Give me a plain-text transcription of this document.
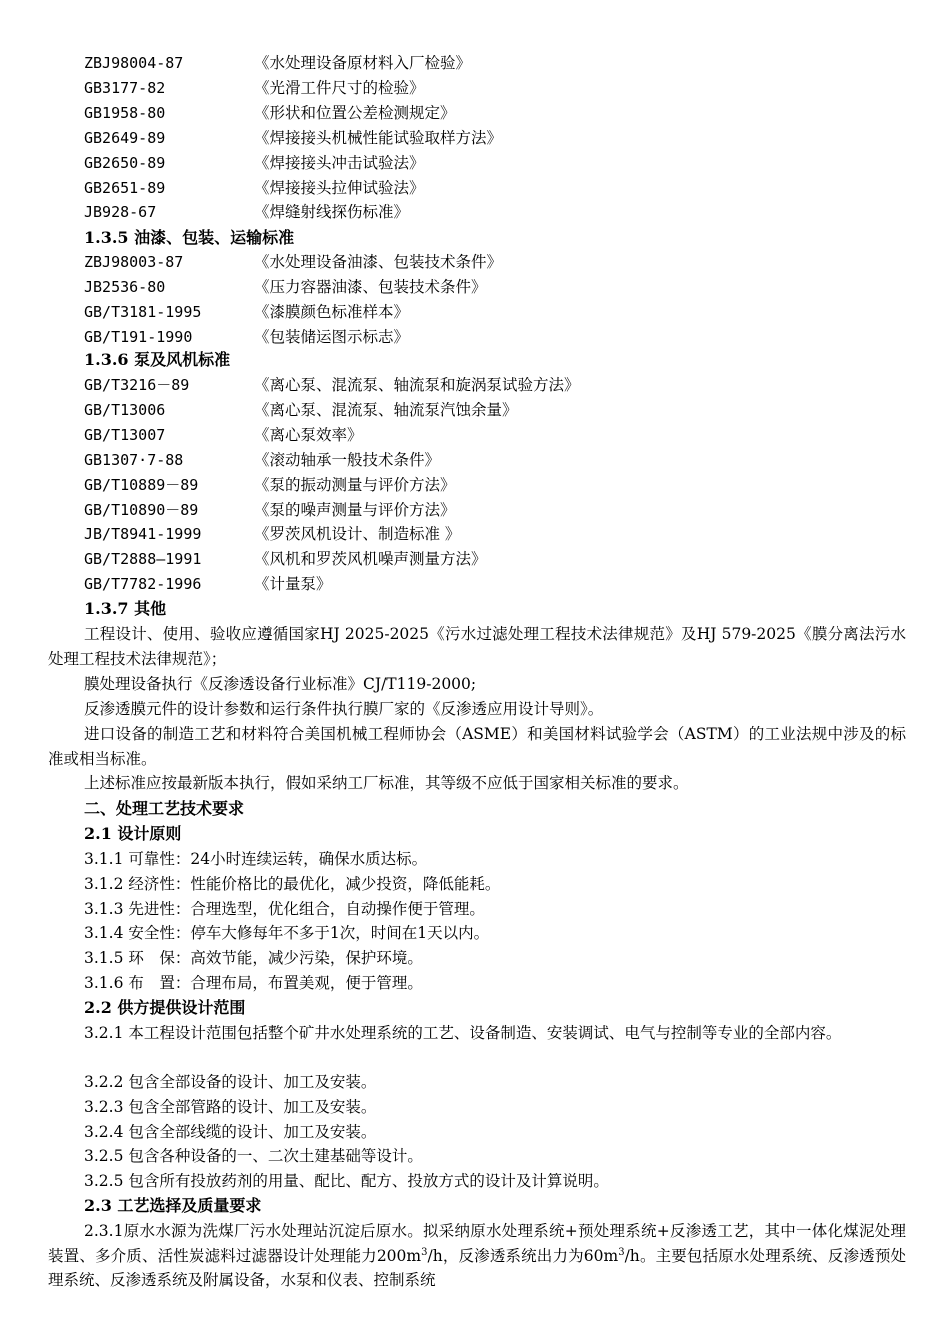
ZBJ98004-87	《水处理设备原材料入厂检验》
GB3177-82	《光滑工件尺寸的检验》
GB1958-80	《形状和位置公差检测规定》
GB2649-89	《焊接接头机械性能试验取样方法》
GB2650-89	《焊接接头冲击试验法》
GB2651-89	《焊接接头拉伸试验法》
JB928-67	《焊缝射线探伤标准》
1.3.5 油漆、包装、运输标准
ZBJ98003-87	《水处理设备油漆、包装技术条件》
JB2536-80	《压力容器油漆、包装技术条件》
GB/T3181-1995	《漆膜颜色标准样本》
GB/T191-1990	《包装储运图示标志》
1.3.6 泵及风机标准
GB/T3216－89	《离心泵、混流泵、轴流泵和旋涡泵试验方法》
GB/T13006	《离心泵、混流泵、轴流泵汽蚀余量》
GB/T13007	《离心泵效率》
GB1307·7-88	《滚动轴承一般技术条件》
GB/T10889－89	《泵的振动测量与评价方法》
GB/T10890－89	《泵的噪声测量与评价方法》
JB/T8941-1999	《罗茨风机设计、制造标准 》
GB/T2888—1991	《风机和罗茨风机噪声测量方法》
GB/T7782-1996	《计量泵》
1.3.7 其他
工程设计、使用、验收应遵循国家HJ 2025-2025《污水过滤处理工程技术法律规范》及HJ 579-2025《膜分离法污水处理工程技术法律规范》；
膜处理设备执行《反渗透设备行业标准》CJ/T119-2000;
反渗透膜元件的设计参数和运行条件执行膜厂家的《反渗透应用设计导则》。
进口设备的制造工艺和材料符合美国机械工程师协会（ASME）和美国材料试验学会（ASTM）的工业法规中涉及的标准或相当标准。
上述标准应按最新版本执行，假如采纳工厂标准，其等级不应低于国家相关标准的要求。
二、处理工艺技术要求
2.1 设计原则
3.1.1 可靠性：24小时连续运转，确保水质达标。
3.1.2 经济性：性能价格比的最优化，减少投资，降低能耗。
3.1.3 先进性：合理选型，优化组合，自动操作便于管理。
3.1.4 安全性：停车大修每年不多于1次，时间在1天以内。
3.1.5 环　保：高效节能，减少污染，保护环境。
3.1.6 布　置：合理布局，布置美观，便于管理。
2.2 供方提供设计范围
3.2.1 本工程设计范围包括整个矿井水处理系统的工艺、设备制造、安装调试、电气与控制等专业的全部内容。
3.2.2 包含全部设备的设计、加工及安装。
3.2.3 包含全部管路的设计、加工及安装。
3.2.4 包含全部线缆的设计、加工及安装。
3.2.5 包含各种设备的一、二次土建基础等设计。
3.2.5 包含所有投放药剂的用量、配比、配方、投放方式的设计及计算说明。
2.3 工艺选择及质量要求
2.3.1原水水源为洗煤厂污水处理站沉淀后原水。拟采纳原水处理系统+预处理系统+反渗透工艺，其中一体化煤泥处理装置、多介质、活性炭滤料过滤器设计处理能力$200m^3/h$，反渗透系统出力为$60m^3/h$。主要包括原水处理系统、反渗透预处理系统、反渗透系统及附属设备，水泵和仪表、控制系统
